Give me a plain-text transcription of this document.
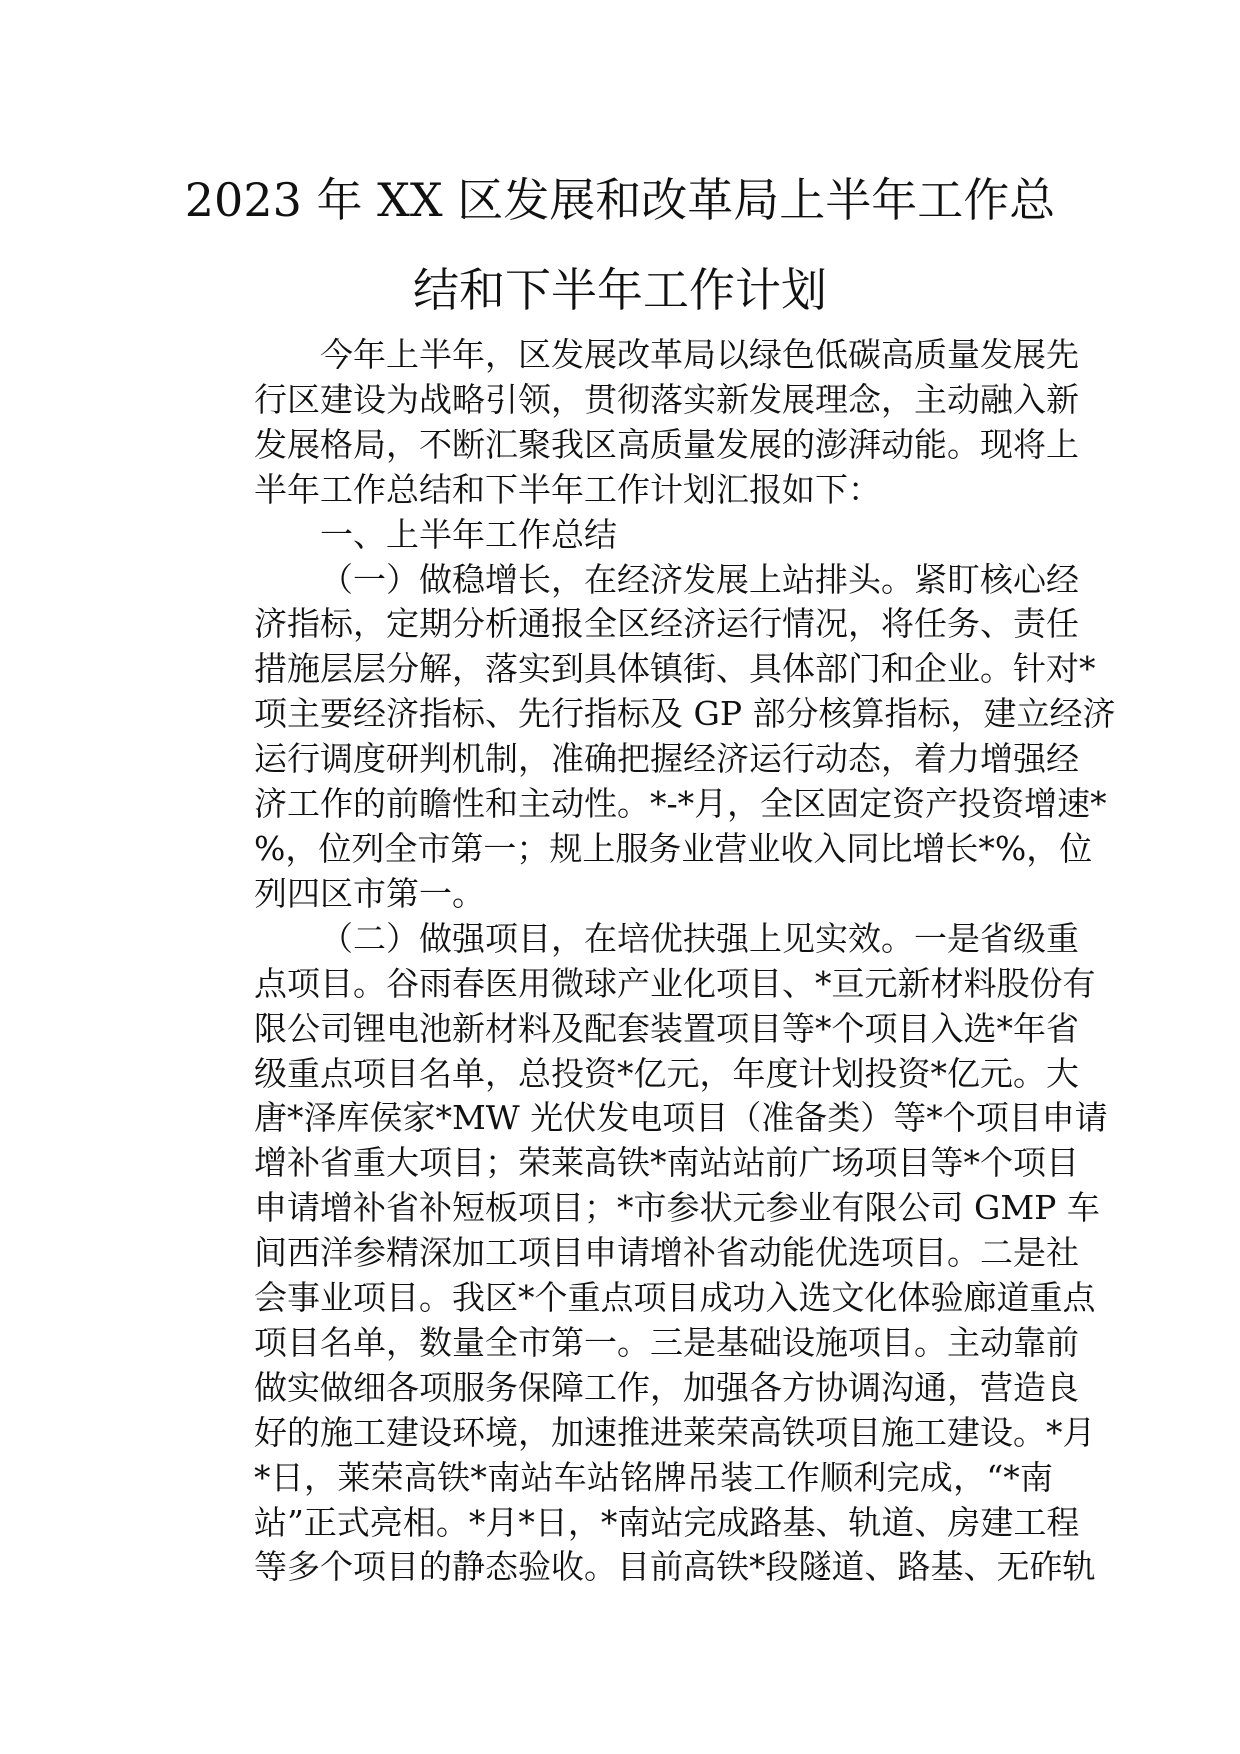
2023 年 XX 区发展和改革局上半年工作总
结和下半年工作计划

今年上半年，区发展改革局以绿色低碳高质量发展先
行区建设为战略引领，贯彻落实新发展理念，主动融入新
发展格局，不断汇聚我区高质量发展的澎湃动能。现将上
半年工作总结和下半年工作计划汇报如下：

一、上半年工作总结

（一）做稳增长，在经济发展上站排头。紧盯核心经
济指标，定期分析通报全区经济运行情况，将任务、责任
措施层层分解，落实到具体镇街、具体部门和企业。针对*
项主要经济指标、先行指标及 GP 部分核算指标，建立经济
运行调度研判机制，准确把握经济运行动态，着力增强经
济工作的前瞻性和主动性。*-*月，全区固定资产投资增速*
%，位列全市第一；规上服务业营业收入同比增长*%，位
列四区市第一。

（二）做强项目，在培优扶强上见实效。一是省级重
点项目。谷雨春医用微球产业化项目、*亘元新材料股份有
限公司锂电池新材料及配套装置项目等*个项目入选*年省
级重点项目名单，总投资*亿元，年度计划投资*亿元。大
唐*泽库侯家*MW 光伏发电项目（准备类）等*个项目申请
增补省重大项目；荣莱高铁*南站站前广场项目等*个项目
申请增补省补短板项目；*市参状元参业有限公司 GMP 车
间西洋参精深加工项目申请增补省动能优选项目。二是社
会事业项目。我区*个重点项目成功入选文化体验廊道重点
项目名单，数量全市第一。三是基础设施项目。主动靠前
做实做细各项服务保障工作，加强各方协调沟通，营造良
好的施工建设环境，加速推进莱荣高铁项目施工建设。*月
*日，莱荣高铁*南站车站铭牌吊装工作顺利完成，“*南
站”正式亮相。*月*日，*南站完成路基、轨道、房建工程
等多个项目的静态验收。目前高铁*段隧道、路基、无砟轨
